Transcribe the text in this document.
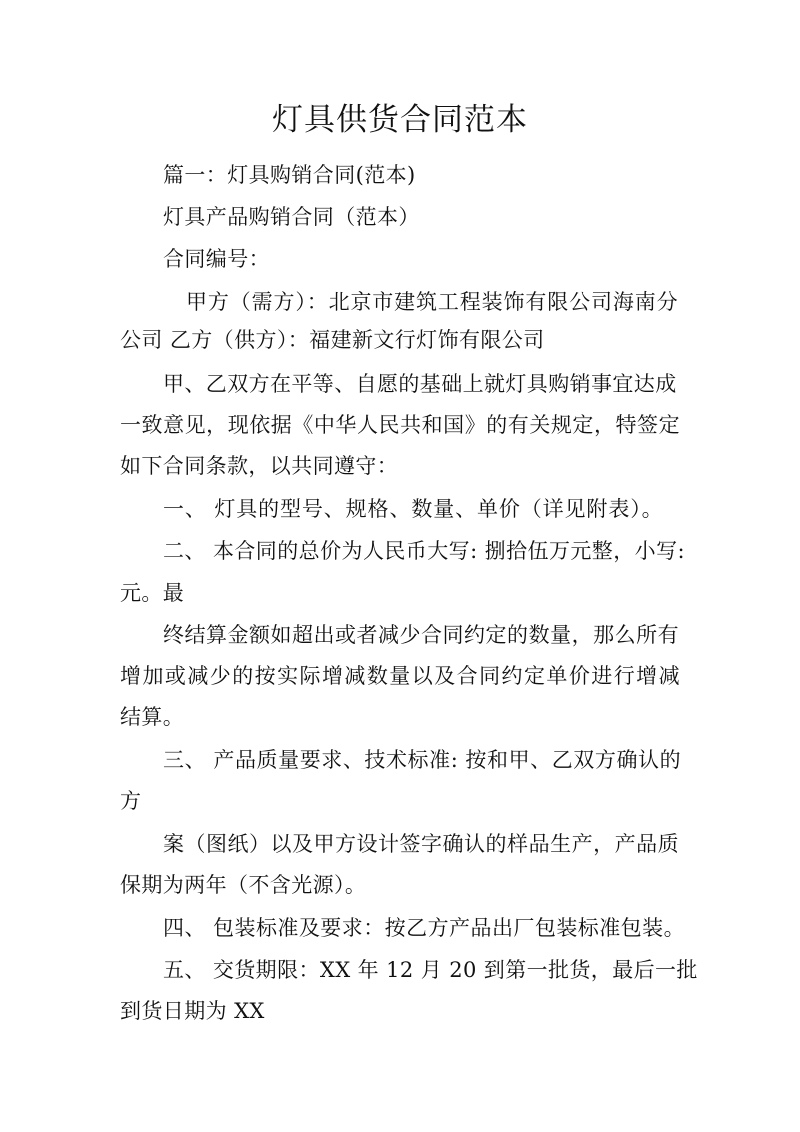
灯具供货合同范本
篇一：灯具购销合同(范本)
灯具产品购销合同（范本）
合同编号：
甲方（需方）：北京市建筑工程装饰有限公司海南分
公司 乙方（供方）：福建新文行灯饰有限公司
甲、乙双方在平等、自愿的基础上就灯具购销事宜达成
一致意见，现依据《中华人民共和国》的有关规定，特签定
如下合同条款，以共同遵守：
一、 灯具的型号、规格、数量、单价（详见附表）。
二、 本合同的总价为人民币大写: 捌拾伍万元整，小写:
元。最
终结算金额如超出或者减少合同约定的数量，那么所有
增加或减少的按实际增减数量以及合同约定单价进行增减
结算。
三、 产品质量要求、技术标准: 按和甲、乙双方确认的
方
案（图纸）以及甲方设计签字确认的样品生产，产品质
保期为两年（不含光源）。
四、 包装标准及要求：按乙方产品出厂包装标准包装。
五、 交货期限：XX 年 12 月 20 到第一批货，最后一批
到货日期为 XX
